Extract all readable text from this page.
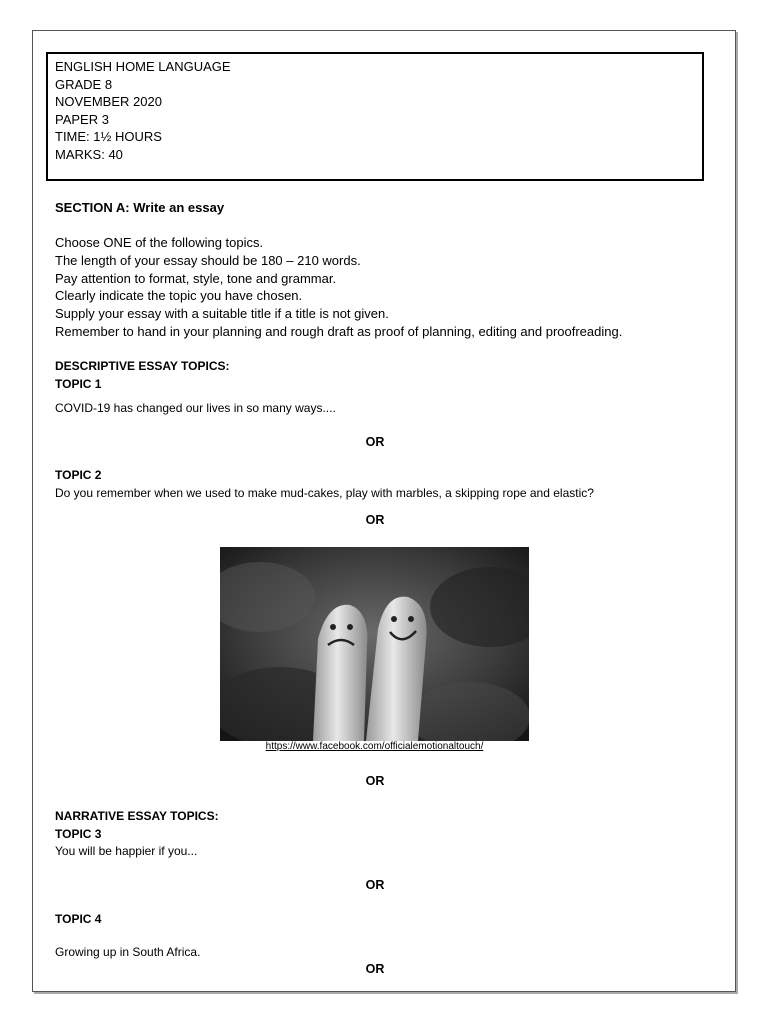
ENGLISH HOME LANGUAGE
GRADE 8
NOVEMBER 2020
PAPER 3
TIME: 1½ HOURS
MARKS: 40
SECTION A: Write an essay
Choose ONE of the following topics.
The length of your essay should be 180 – 210 words.
Pay attention to format, style, tone and grammar.
Clearly indicate the topic you have chosen.
Supply your essay with a suitable title if a title is not given.
Remember to hand in your planning and rough draft as proof of planning, editing and proofreading.
DESCRIPTIVE ESSAY TOPICS:
TOPIC 1
COVID-19 has changed our lives in so many ways....
OR
TOPIC 2
Do you remember when we used to make mud-cakes, play with marbles, a skipping rope and elastic?
OR
https://www.facebook.com/officialemotionaltouch/
OR
NARRATIVE ESSAY TOPICS:
TOPIC 3
You will be happier if you...
OR
TOPIC 4
Growing up in South Africa.
OR
